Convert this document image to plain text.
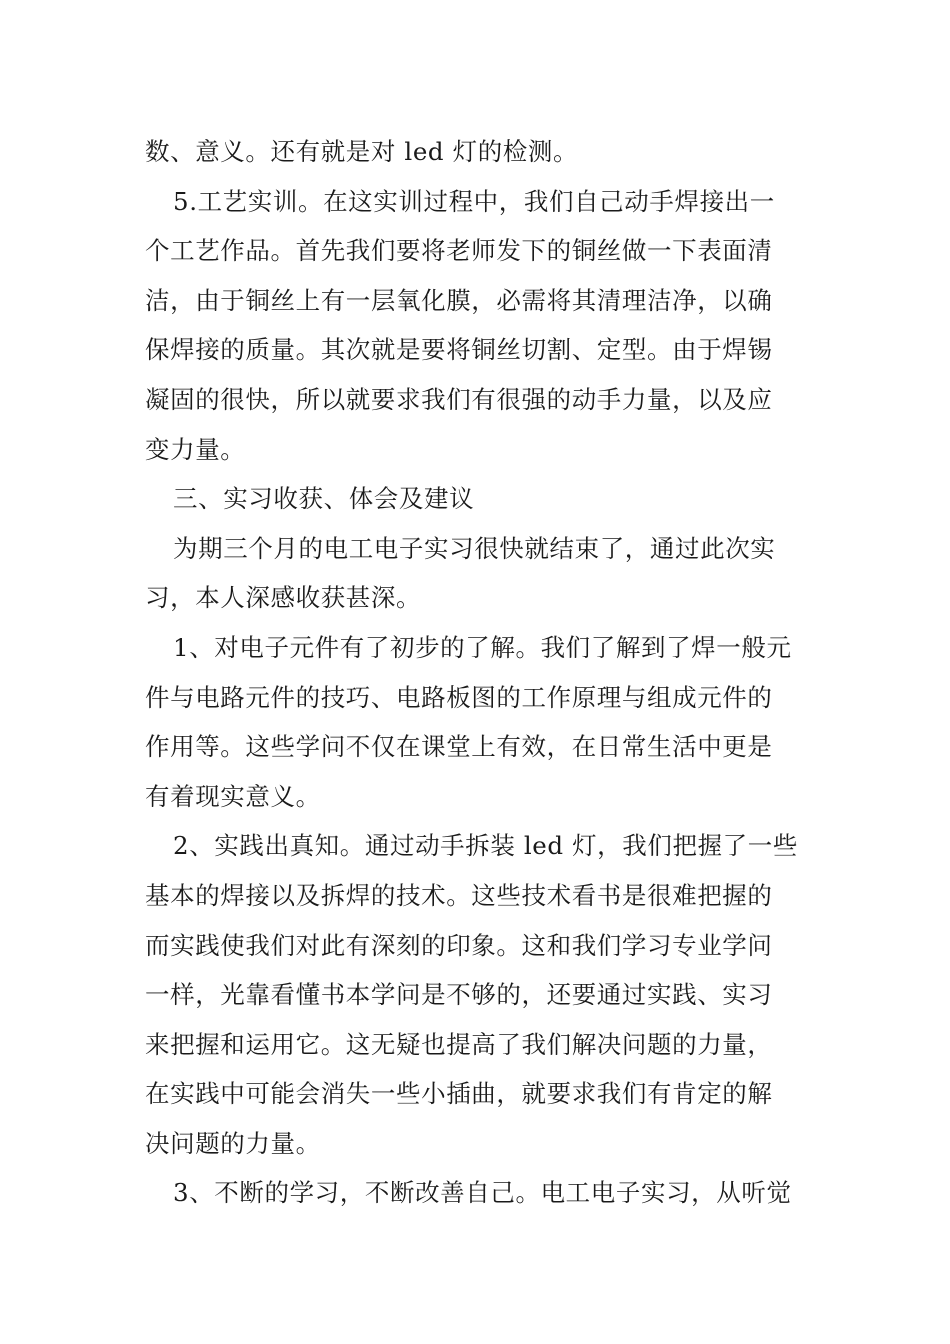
数、意义。还有就是对 led 灯的检测。
5.工艺实训。在这实训过程中，我们自己动手焊接出一
个工艺作品。首先我们要将老师发下的铜丝做一下表面清
洁，由于铜丝上有一层氧化膜，必需将其清理洁净，以确
保焊接的质量。其次就是要将铜丝切割、定型。由于焊锡
凝固的很快，所以就要求我们有很强的动手力量，以及应
变力量。
三、实习收获、体会及建议
为期三个月的电工电子实习很快就结束了，通过此次实
习，本人深感收获甚深。
1、对电子元件有了初步的了解。我们了解到了焊一般元
件与电路元件的技巧、电路板图的工作原理与组成元件的
作用等。这些学问不仅在课堂上有效，在日常生活中更是
有着现实意义。
2、实践出真知。通过动手拆装 led 灯，我们把握了一些
基本的焊接以及拆焊的技术。这些技术看书是很难把握的
而实践使我们对此有深刻的印象。这和我们学习专业学问
一样，光靠看懂书本学问是不够的，还要通过实践、实习
来把握和运用它。这无疑也提高了我们解决问题的力量，
在实践中可能会消失一些小插曲，就要求我们有肯定的解
决问题的力量。
3、不断的学习，不断改善自己。电工电子实习，从听觉
